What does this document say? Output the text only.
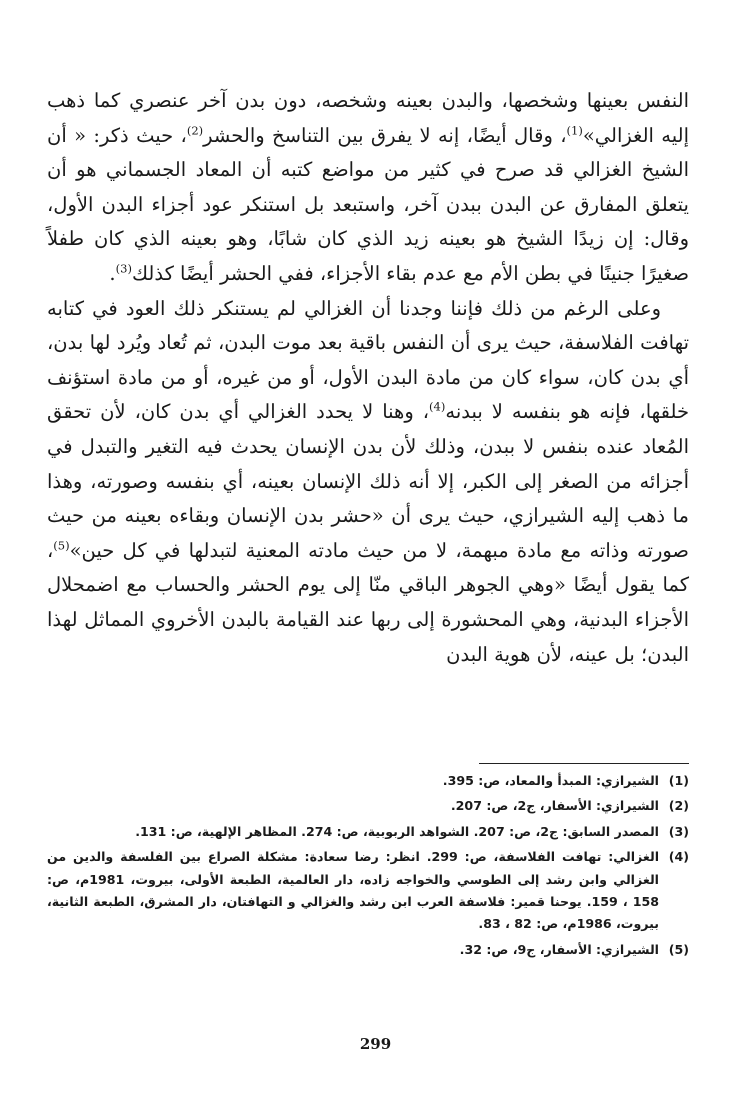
النفس بعينها وشخصها، والبدن بعينه وشخصه، دون بدن آخر عنصري كما ذهب إليه الغزالي»$^{(1)}$، وقال أيضًا، إنه لا يفرق بين التناسخ والحشر$^{(2)}$، حيث ذكر: « أن الشيخ الغزالي قد صرح في كثير من مواضع كتبه أن المعاد الجسماني هو أن يتعلق المفارق عن البدن ببدن آخر، واستبعد بل استنكر عود أجزاء البدن الأول، وقال: إن زيدًا الشيخ هو بعينه زيد الذي كان شابًا، وهو بعينه الذي كان طفلاً صغيرًا جنينًا في بطن الأم مع عدم بقاء الأجزاء، ففي الحشر أيضًا كذلك$^{(3)}$.

وعلى الرغم من ذلك فإننا وجدنا أن الغزالي لم يستنكر ذلك العود في كتابه تهافت الفلاسفة، حيث يرى أن النفس باقية بعد موت البدن، ثم تُعاد ويُرد لها بدن، أي بدن كان، سواء كان من مادة البدن الأول، أو من غيره، أو من مادة استؤنف خلقها، فإنه هو بنفسه لا ببدنه$^{(4)}$، وهنا لا يحدد الغزالي أي بدن كان، لأن تحقق المُعاد عنده بنفس لا ببدن، وذلك لأن بدن الإنسان يحدث فيه التغير والتبدل في أجزائه من الصغر إلى الكبر، إلا أنه ذلك الإنسان بعينه، أي بنفسه وصورته، وهذا ما ذهب إليه الشيرازي، حيث يرى أن «حشر بدن الإنسان وبقاءه بعينه من حيث صورته وذاته مع مادة مبهمة، لا من حيث مادته المعنية لتبدلها في كل حين»$^{(5)}$، كما يقول أيضًا «وهي الجوهر الباقي منّا إلى يوم الحشر والحساب مع اضمحلال الأجزاء البدنية، وهي المحشورة إلى ربها عند القيامة بالبدن الأخروي المماثل لهذا البدن؛ بل عينه، لأن هوية البدن

(1)
الشيرازي: المبدأ والمعاد، ص: 395.
(2)
الشيرازي: الأسفار، ج2، ص: 207.
(3)
المصدر السابق: ج2، ص: 207. الشواهد الربوبية، ص: 274. المظاهر الإلهية، ص: 131.
(4)
الغزالي: تهافت الفلاسفة، ص: 299. انظر: رضا سعادة: مشكلة الصراع بين الفلسفة والدين من الغزالي وابن رشد إلى الطوسي والخواجه زاده، دار العالمية، الطبعة الأولى، بيروت، 1981م، ص: 158 ، 159. يوحنا قمير: فلاسفة العرب ابن رشد والغزالي و التهافتان، دار المشرق، الطبعة الثانية، بيروت، 1986م، ص: 82 ، 83.
(5)
الشيرازي: الأسفار، ج9، ص: 32.
299
